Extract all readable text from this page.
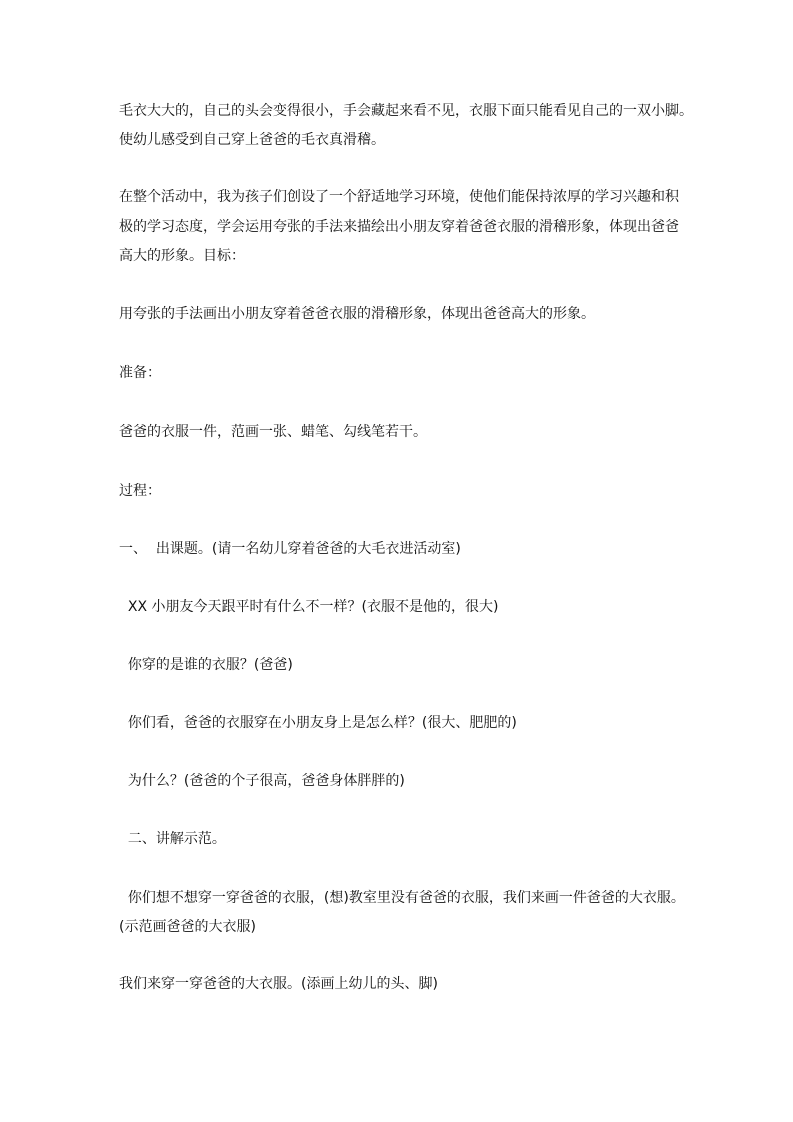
毛衣大大的，自己的头会变得很小，手会藏起来看不见，衣服下面只能看见自己的一双小脚。
使幼儿感受到自己穿上爸爸的毛衣真滑稽。
在整个活动中，我为孩子们创设了一个舒适地学习环境，使他们能保持浓厚的学习兴趣和积
极的学习态度，学会运用夸张的手法来描绘出小朋友穿着爸爸衣服的滑稽形象，体现出爸爸
高大的形象。目标：
用夸张的手法画出小朋友穿着爸爸衣服的滑稽形象，体现出爸爸高大的形象。
准备：
爸爸的衣服一件，范画一张、蜡笔、勾线笔若干。
过程：
一、  出课题。(请一名幼儿穿着爸爸的大毛衣进活动室)
XX 小朋友今天跟平时有什么不一样？(衣服不是他的，很大)
你穿的是谁的衣服？(爸爸)
你们看，爸爸的衣服穿在小朋友身上是怎么样？(很大、肥肥的)
为什么？(爸爸的个子很高，爸爸身体胖胖的)
二、讲解示范。
你们想不想穿一穿爸爸的衣服，(想)教室里没有爸爸的衣服，我们来画一件爸爸的大衣服。
(示范画爸爸的大衣服)
我们来穿一穿爸爸的大衣服。(添画上幼儿的头、脚)
